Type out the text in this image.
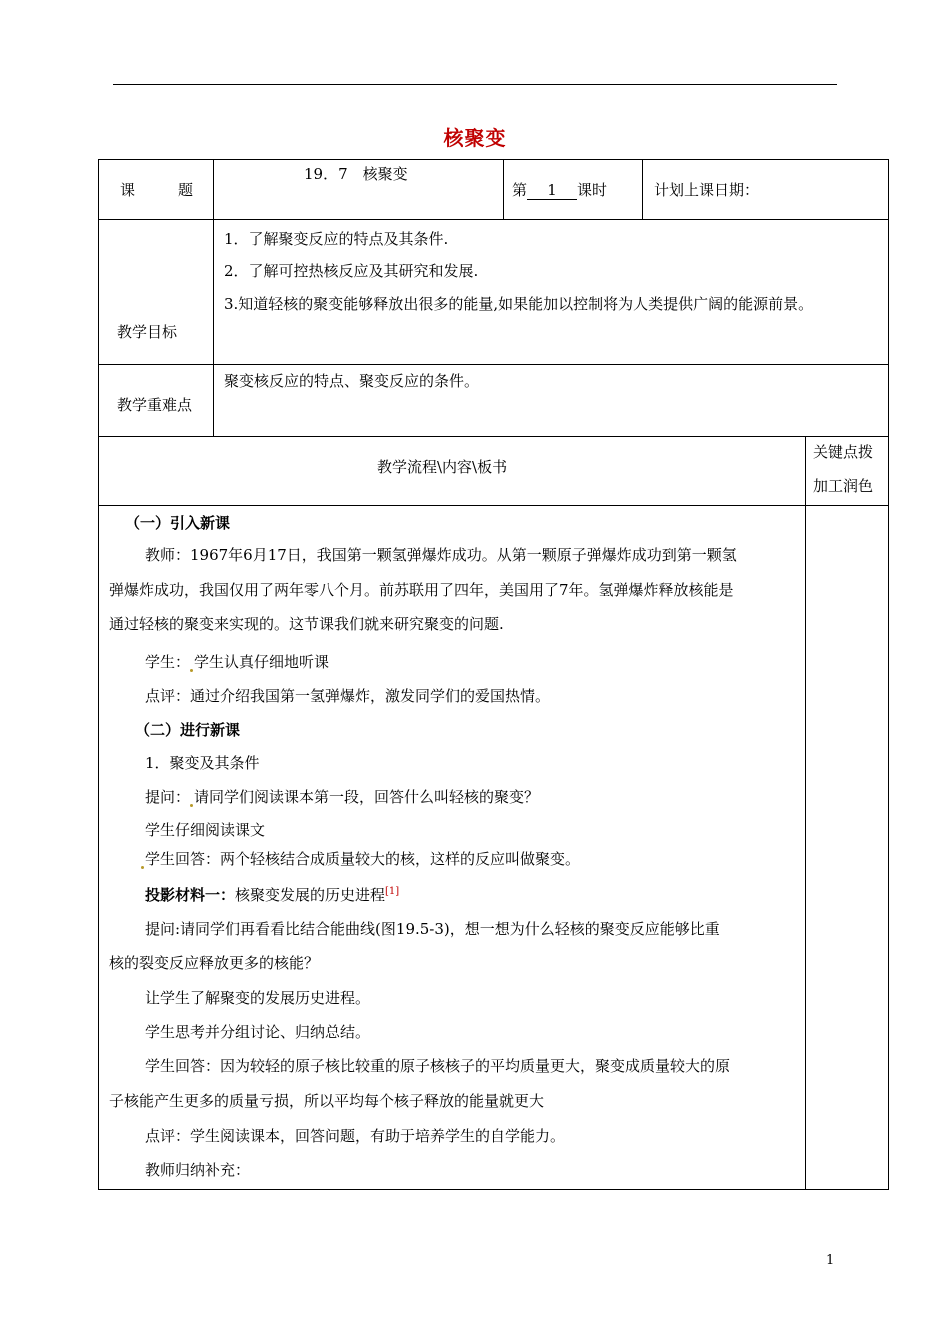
核聚变
课	题
19．7　核聚变
第 1 课时	计划上课日期：
教学目标

1．了解聚变反应的特点及其条件.

2．了解可控热核反应及其研究和发展.

3.知道轻核的聚变能够释放出很多的能量,如果能加以控制将为人类提供广阔的能源前景。

教学重难点

聚变核反应的特点、聚变反应的条件。

教学流程\内容\板书
关键点拨
加工润色

（一）引入新课

教师：1967年6月17日，我国第一颗氢弹爆炸成功。从第一颗原子弹爆炸成功到第一颗氢

弹爆炸成功，我国仅用了两年零八个月。前苏联用了四年，美国用了7年。氢弹爆炸释放核能是

通过轻核的聚变来实现的。这节课我们就来研究聚变的问题.

学生： 学生认真仔细地听课

点评：通过介绍我国第一氢弹爆炸，激发同学们的爱国热情。

（二）进行新课

1．聚变及其条件

提问： 请同学们阅读课本第一段，回答什么叫轻核的聚变？

学生仔细阅读课文

学生回答：两个轻核结合成质量较大的核，这样的反应叫做聚变。

投影材料一：核聚变发展的历史进程[1]

提问:请同学们再看看比结合能曲线(图19.5-3)，想一想为什么轻核的聚变反应能够比重

核的裂变反应释放更多的核能？

让学生了解聚变的发展历史进程。

学生思考并分组讨论、归纳总结。

学生回答：因为较轻的原子核比较重的原子核核子的平均质量更大，聚变成质量较大的原

子核能产生更多的质量亏损，所以平均每个核子释放的能量就更大

点评：学生阅读课本，回答问题，有助于培养学生的自学能力。

教师归纳补充：

1
